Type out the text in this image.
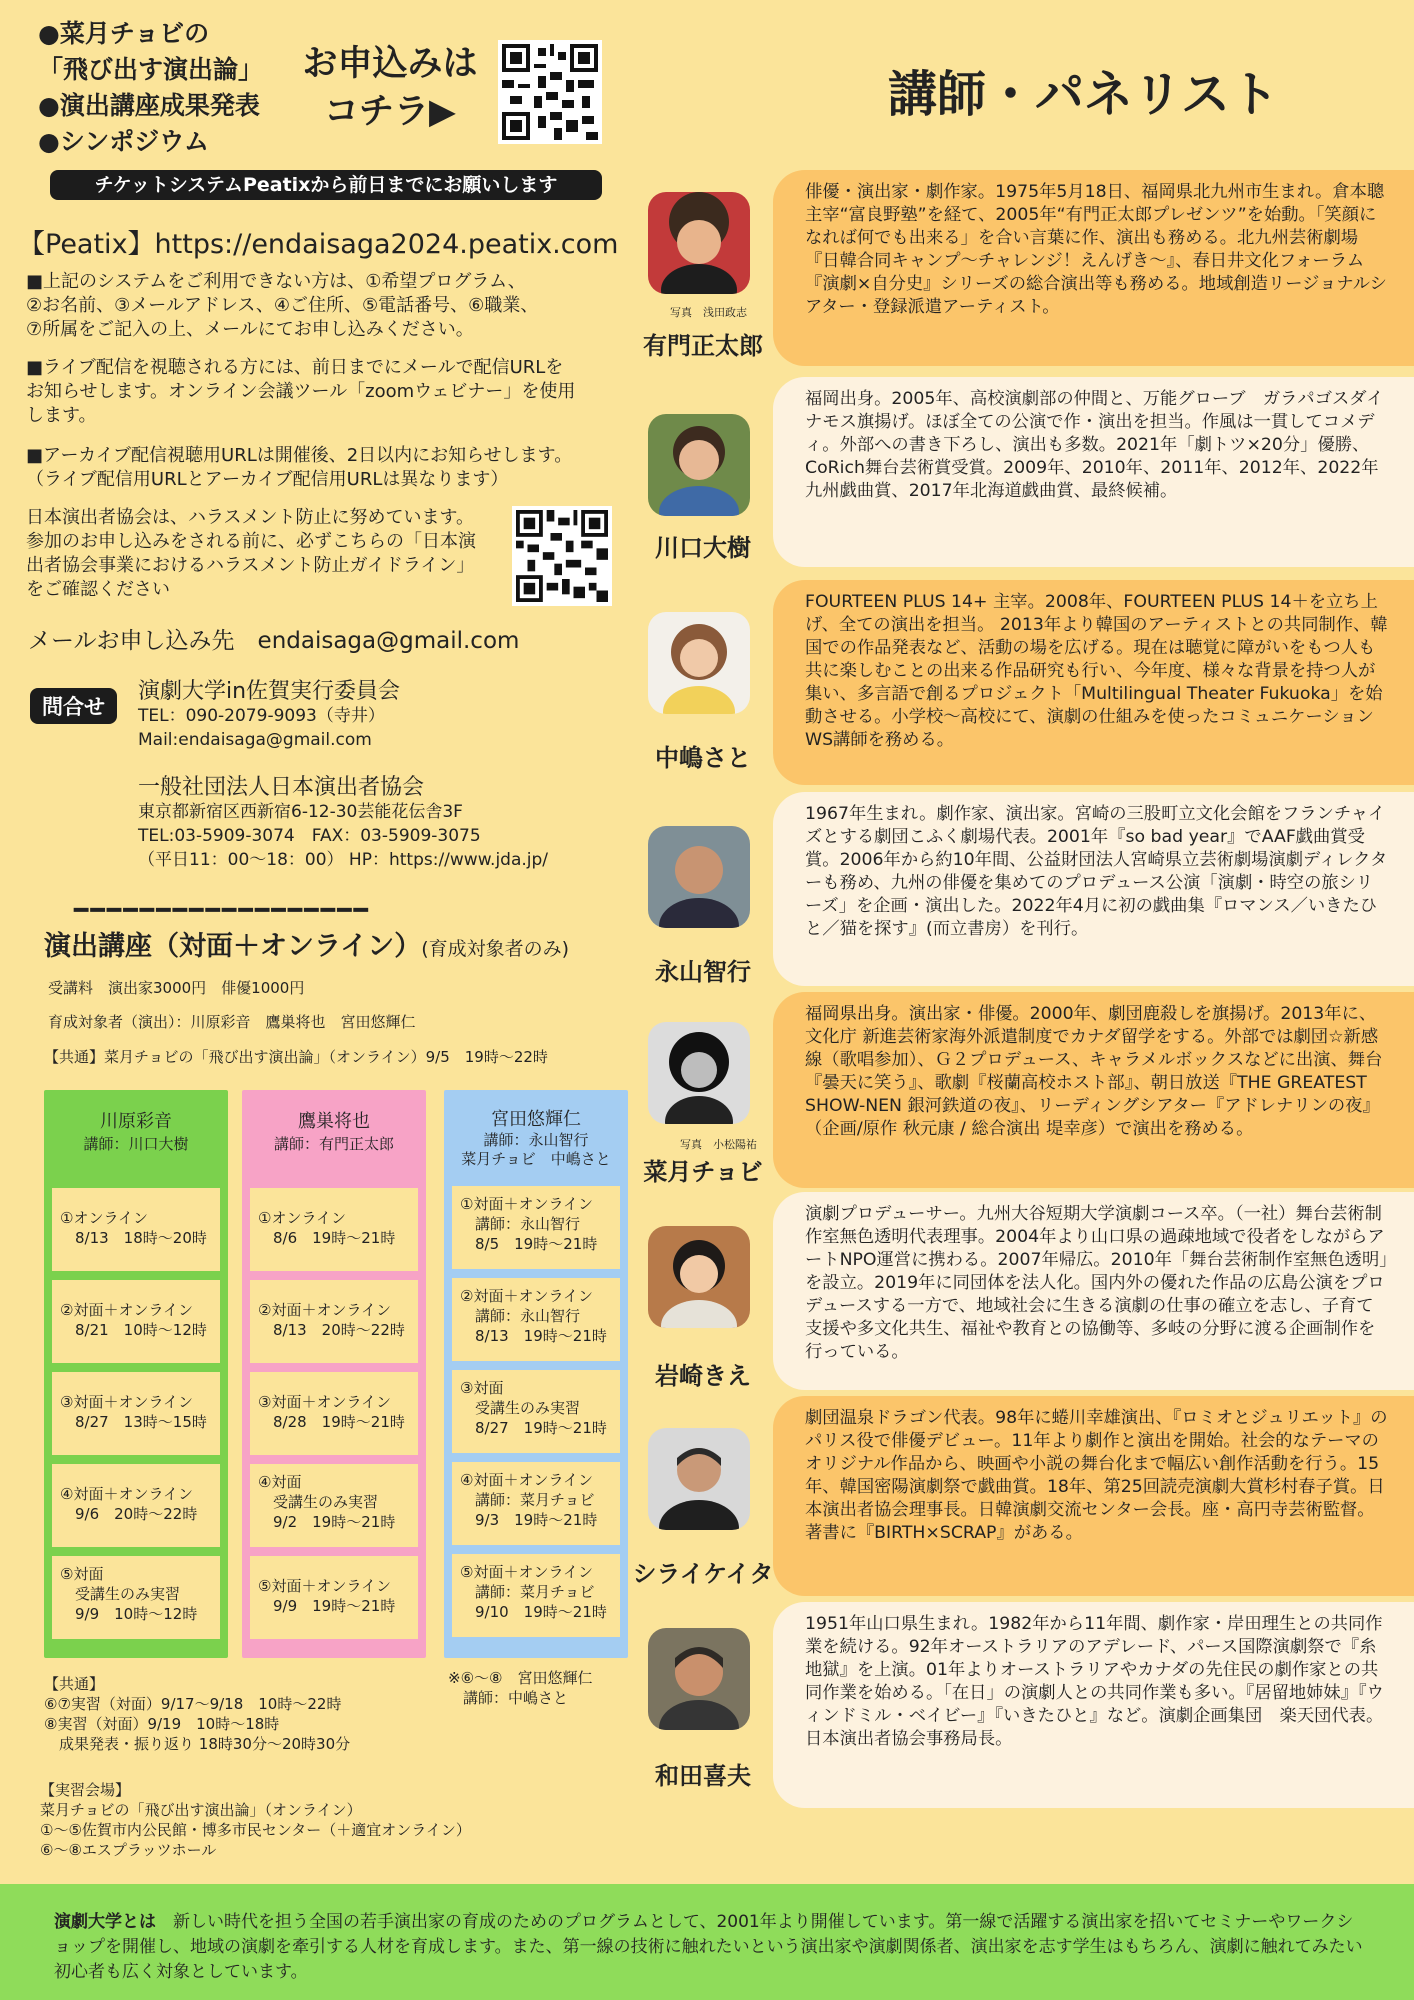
●菜月チョビの
「飛び出す演出論」
●演出講座成果発表
●シンポジウム
お申込みは
コチラ▶
チケットシステムPeatixから前日までにお願いします
【Peatix】https://endaisaga2024.peatix.com
■上記のシステムをご利用できない方は、①希望プログラム、
②お名前、③メールアドレス、④ご住所、⑤電話番号、⑥職業、
⑦所属をご記入の上、メールにてお申し込みください。
■ライブ配信を視聴される方には、前日までにメールで配信URLを
お知らせします。オンライン会議ツール「zoomウェビナー」を使用
します。
■アーカイブ配信視聴用URLは開催後、2日以内にお知らせします。
（ライブ配信用URLとアーカイブ配信用URLは異なります）
日本演出者協会は、ハラスメント防止に努めています。
参加のお申し込みをされる前に、必ずこちらの「日本演
出者協会事業におけるハラスメント防止ガイドライン」
をご確認ください
メールお申し込み先　endaisaga@gmail.com
問合せ
演劇大学in佐賀実行委員会
TEL：090-2079-9093（寺井）
Mail:endaisaga@gmail.com
一般社団法人日本演出者協会
東京都新宿区西新宿6-12-30芸能花伝舎3F
TEL:03-5909-3074　FAX：03-5909-3075
（平日11：00～18：00） HP：https://www.jda.jp/
━━━━━━━━━━━━━━━━━━
演出講座（対面＋オンライン）(育成対象者のみ)
受講料　演出家3000円　俳優1000円
育成対象者（演出）：川原彩音　鷹巣将也　宮田悠輝仁
【共通】菜月チョビの「飛び出す演出論」（オンライン）9/5　19時～22時
川原彩音
講師：川口大樹
①オンライン
　8/13　18時～20時
②対面＋オンライン
　8/21　10時～12時
③対面＋オンライン
　8/27　13時～15時
④対面＋オンライン
　9/6　20時～22時
⑤対面
　受講生のみ実習
　9/9　10時～12時
鷹巣将也
講師：有門正太郎
①オンライン
　8/6　19時～21時
②対面＋オンライン
　8/13　20時～22時
③対面＋オンライン
　8/28　19時～21時
④対面
　受講生のみ実習
　9/2　19時～21時
⑤対面＋オンライン
　9/9　19時～21時
宮田悠輝仁
講師：永山智行
菜月チョビ　中嶋さと
①対面＋オンライン
　講師：永山智行
　8/5　19時～21時
②対面＋オンライン
　講師：永山智行
　8/13　19時～21時
③対面
　受講生のみ実習
　8/27　19時～21時
④対面＋オンライン
　講師：菜月チョビ
　9/3　19時～21時
⑤対面＋オンライン
　講師：菜月チョビ
　9/10　19時～21時
※⑥～⑧　宮田悠輝仁
　講師：中嶋さと
【共通】
⑥⑦実習（対面）9/17～9/18　10時～22時
⑧実習（対面）9/19　10時～18時
　成果発表・振り返り 18時30分～20時30分
【実習会場】
菜月チョビの「飛び出す演出論」（オンライン）
①～⑤佐賀市内公民館・博多市民センター（＋適宜オンライン）
⑥～⑧エスプラッツホール
講師・パネリスト
俳優・演出家・劇作家。1975年5月18日、福岡県北九州市生まれ。倉本聰主宰“富良野塾”を経て、2005年“有門正太郎プレゼンツ”を始動。「笑顔になれば何でも出来る」を合い言葉に作、演出も務める。北九州芸術劇場『日韓合同キャンプ～チャレンジ！えんげき～』、春日井文化フォーラム『演劇×自分史』シリーズの総合演出等も務める。地域創造リージョナルシアター・登録派遣アーティスト。
福岡出身。2005年、高校演劇部の仲間と、万能グローブ　ガラパゴスダイナモス旗揚げ。ほぼ全ての公演で作・演出を担当。作風は一貫してコメディ。外部への書き下ろし、演出も多数。2021年「劇トツ×20分」優勝、CoRich舞台芸術賞受賞。2009年、2010年、2011年、2012年、2022年九州戯曲賞、2017年北海道戯曲賞、最終候補。
FOURTEEN PLUS 14+ 主宰。2008年、FOURTEEN PLUS 14＋を立ち上げ、全ての演出を担当。 2013年より韓国のアーティストとの共同制作、韓国での作品発表など、活動の場を広げる。現在は聴覚に障がいをもつ人も共に楽しむことの出来る作品研究も行い、今年度、様々な背景を持つ人が集い、多言語で創るプロジェクト「Multilingual Theater Fukuoka」を始動させる。小学校～高校にて、演劇の仕組みを使ったコミュニケーションWS講師を務める。
1967年生まれ。劇作家、演出家。宮崎の三股町立文化会館をフランチャイズとする劇団こふく劇場代表。2001年『so bad year』でAAF戯曲賞受賞。2006年から約10年間、公益財団法人宮崎県立芸術劇場演劇ディレクターも務め、九州の俳優を集めてのプロデュース公演「演劇・時空の旅シリーズ」を企画・演出した。2022年4月に初の戯曲集『ロマンス／いきたひと／猫を探す』(而立書房）を刊行。
福岡県出身。演出家・俳優。2000年、劇団鹿殺しを旗揚げ。2013年に、文化庁 新進芸術家海外派遣制度でカナダ留学をする。外部では劇団☆新感線（歌唱参加）、Ｇ２プロデュース、キャラメルボックスなどに出演、舞台『曇天に笑う』、歌劇『桜蘭高校ホスト部』、朝日放送『THE GREATEST SHOW-NEN 銀河鉄道の夜』、リーディングシアター『アドレナリンの夜』（企画/原作 秋元康 / 総合演出 堤幸彦）で演出を務める。
演劇プロデューサー。九州大谷短期大学演劇コース卒。（一社）舞台芸術制作室無色透明代表理事。2004年より山口県の過疎地域で役者をしながらアートNPO運営に携わる。2007年帰広。2010年「舞台芸術制作室無色透明」を設立。2019年に同団体を法人化。国内外の優れた作品の広島公演をプロデュースする一方で、地域社会に生きる演劇の仕事の確立を志し、子育て支援や多文化共生、福祉や教育との協働等、多岐の分野に渡る企画制作を行っている。
劇団温泉ドラゴン代表。98年に蜷川幸雄演出、『ロミオとジュリエット』のパリス役で俳優デビュー。11年より劇作と演出を開始。社会的なテーマのオリジナル作品から、映画や小説の舞台化まで幅広い創作活動を行う。15年、韓国密陽演劇祭で戯曲賞。18年、第25回読売演劇大賞杉村春子賞。日本演出者協会理事長。日韓演劇交流センター会長。座・高円寺芸術監督。著書に『BIRTH×SCRAP』がある。
1951年山口県生まれ。1982年から11年間、劇作家・岸田理生との共同作業を続ける。92年オーストラリアのアデレード、パース国際演劇祭で『糸地獄』を上演。01年よりオーストラリアやカナダの先住民の劇作家との共同作業を始める。「在日」の演劇人との共同作業も多い。『居留地姉妹』『ウィンドミル・ベイビー』『いきたひと』など。演劇企画集団　楽天団代表。日本演出者協会事務局長。
写真　浅田政志
有門正太郎
川口大樹
中嶋さと
永山智行
写真　小松陽祐
菜月チョビ
岩崎きえ
シライケイタ
和田喜夫
演劇大学とは　 新しい時代を担う全国の若手演出家の育成のためのプログラムとして、2001年より開催しています。第一線で活躍する演出家を招いてセミナーやワークショップを開催し、地域の演劇を牽引する人材を育成します。また、第一線の技術に触れたいという演出家や演劇関係者、演出家を志す学生はもちろん、演劇に触れてみたい初心者も広く対象としています。
